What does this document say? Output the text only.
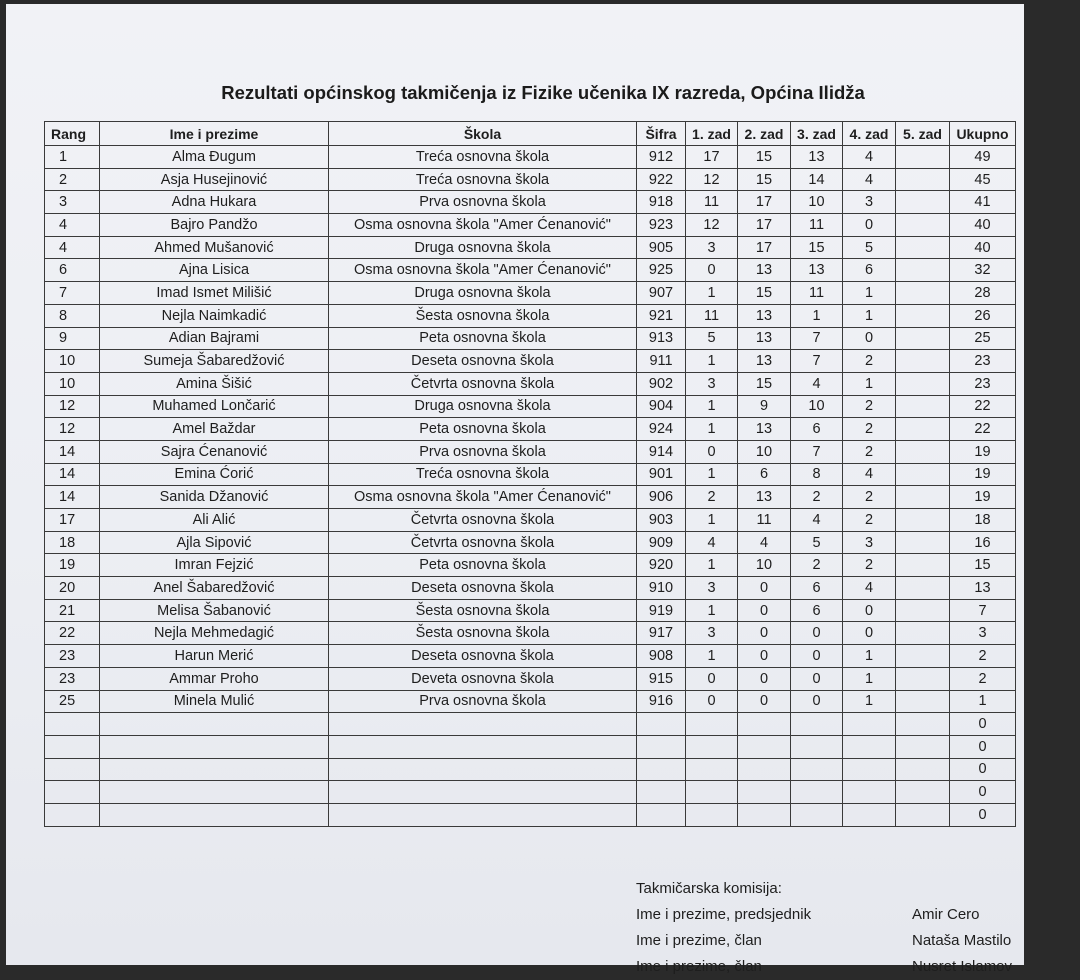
Rezultati općinskog takmičenja iz Fizike učenika IX razreda, Općina Ilidža
Rang	Ime i prezime	Škola	Šifra	1. zad	2. zad	3. zad	4. zad	5. zad	Ukupno
1	Alma Đugum	Treća osnovna škola	912	17	15	13	4		49
2	Asja Husejinović	Treća osnovna škola	922	12	15	14	4		45
3	Adna Hukara	Prva osnovna škola	918	11	17	10	3		41
4	Bajro Pandžo	Osma osnovna škola "Amer Ćenanović"	923	12	17	11	0		40
4	Ahmed Mušanović	Druga osnovna škola	905	3	17	15	5		40
6	Ajna Lisica	Osma osnovna škola "Amer Ćenanović"	925	0	13	13	6		32
7	Imad Ismet Milišić	Druga osnovna škola	907	1	15	11	1		28
8	Nejla Naimkadić	Šesta osnovna škola	921	11	13	1	1		26
9	Adian Bajrami	Peta osnovna škola	913	5	13	7	0		25
10	Sumeja Šabaredžović	Deseta osnovna škola	911	1	13	7	2		23
10	Amina Šišić	Četvrta osnovna škola	902	3	15	4	1		23
12	Muhamed Lončarić	Druga osnovna škola	904	1	9	10	2		22
12	Amel Baždar	Peta osnovna škola	924	1	13	6	2		22
14	Sajra Ćenanović	Prva osnovna škola	914	0	10	7	2		19
14	Emina Ćorić	Treća osnovna škola	901	1	6	8	4		19
14	Sanida Džanović	Osma osnovna škola "Amer Ćenanović"	906	2	13	2	2		19
17	Ali Alić	Četvrta osnovna škola	903	1	11	4	2		18
18	Ajla Sipović	Četvrta osnovna škola	909	4	4	5	3		16
19	Imran Fejzić	Peta osnovna škola	920	1	10	2	2		15
20	Anel Šabaredžović	Deseta osnovna škola	910	3	0	6	4		13
21	Melisa Šabanović	Šesta osnovna škola	919	1	0	6	0		7
22	Nejla Mehmedagić	Šesta osnovna škola	917	3	0	0	0		3
23	Harun Merić	Deseta osnovna škola	908	1	0	0	1		2
23	Ammar Proho	Deveta osnovna škola	915	0	0	0	1		2
25	Minela Mulić	Prva osnovna škola	916	0	0	0	1		1
									0
									0
									0
									0
									0
Takmičarska komisija:
Ime i prezime, predsjednik	Amir Cero
Ime i prezime, član	Nataša Mastilo
Ime i prezime, član	Nusret Islamov
